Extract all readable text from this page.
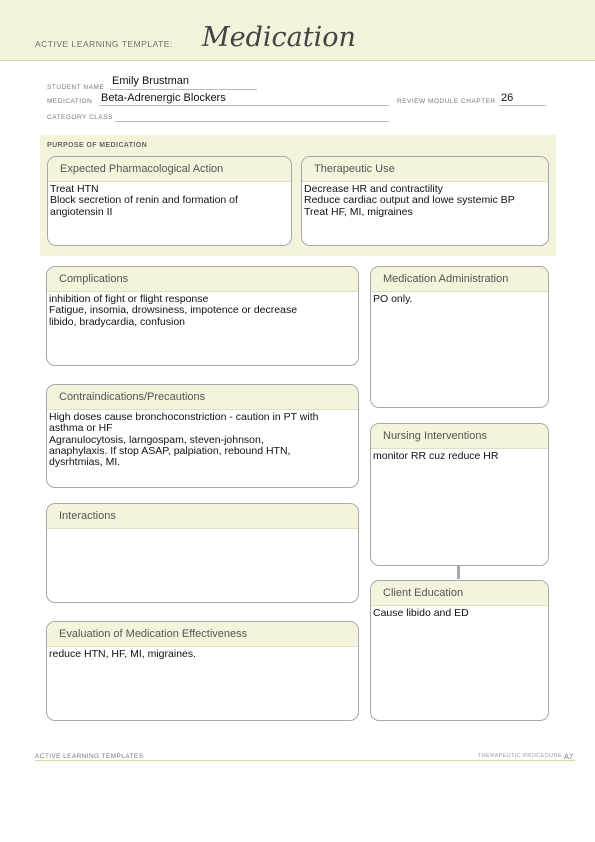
ACTIVE LEARNING TEMPLATE: Medication
STUDENT NAME
Emily Brustman
MEDICATION Beta-Adrenergic Blockers	REVIEW MODULE CHAPTER 26
CATEGORY CLASS
PURPOSE OF MEDICATION
Expected Pharmacological Action
Treat HTN
Block secretion of renin and formation of
angiotensin II
Therapeutic Use
Decrease HR and contractility
Reduce cardiac output and lowe systemic BP
Treat HF, MI, migraines
Complications
inhibition of fight or flight response
Fatigue, insomia, drowsiness, impotence or decrease
libido, bradycardia, confusion
Medication Administration
PO only.
Contraindications/Precautions
High doses cause bronchoconstriction - caution in PT with
asthma or HF
Agranulocytosis, larngospam, steven-johnson,
anaphylaxis. If stop ASAP, palpiation, rebound HTN,
dysrhtmias, MI.
Nursing Interventions
monitor RR cuz reduce HR
Interactions
Client Education
Cause libido and ED
Evaluation of Medication Effectiveness
reduce HTN, HF, MI, migraines.
ACTIVE LEARNING TEMPLATES	THERAPEUTIC PROCEDURE A7
